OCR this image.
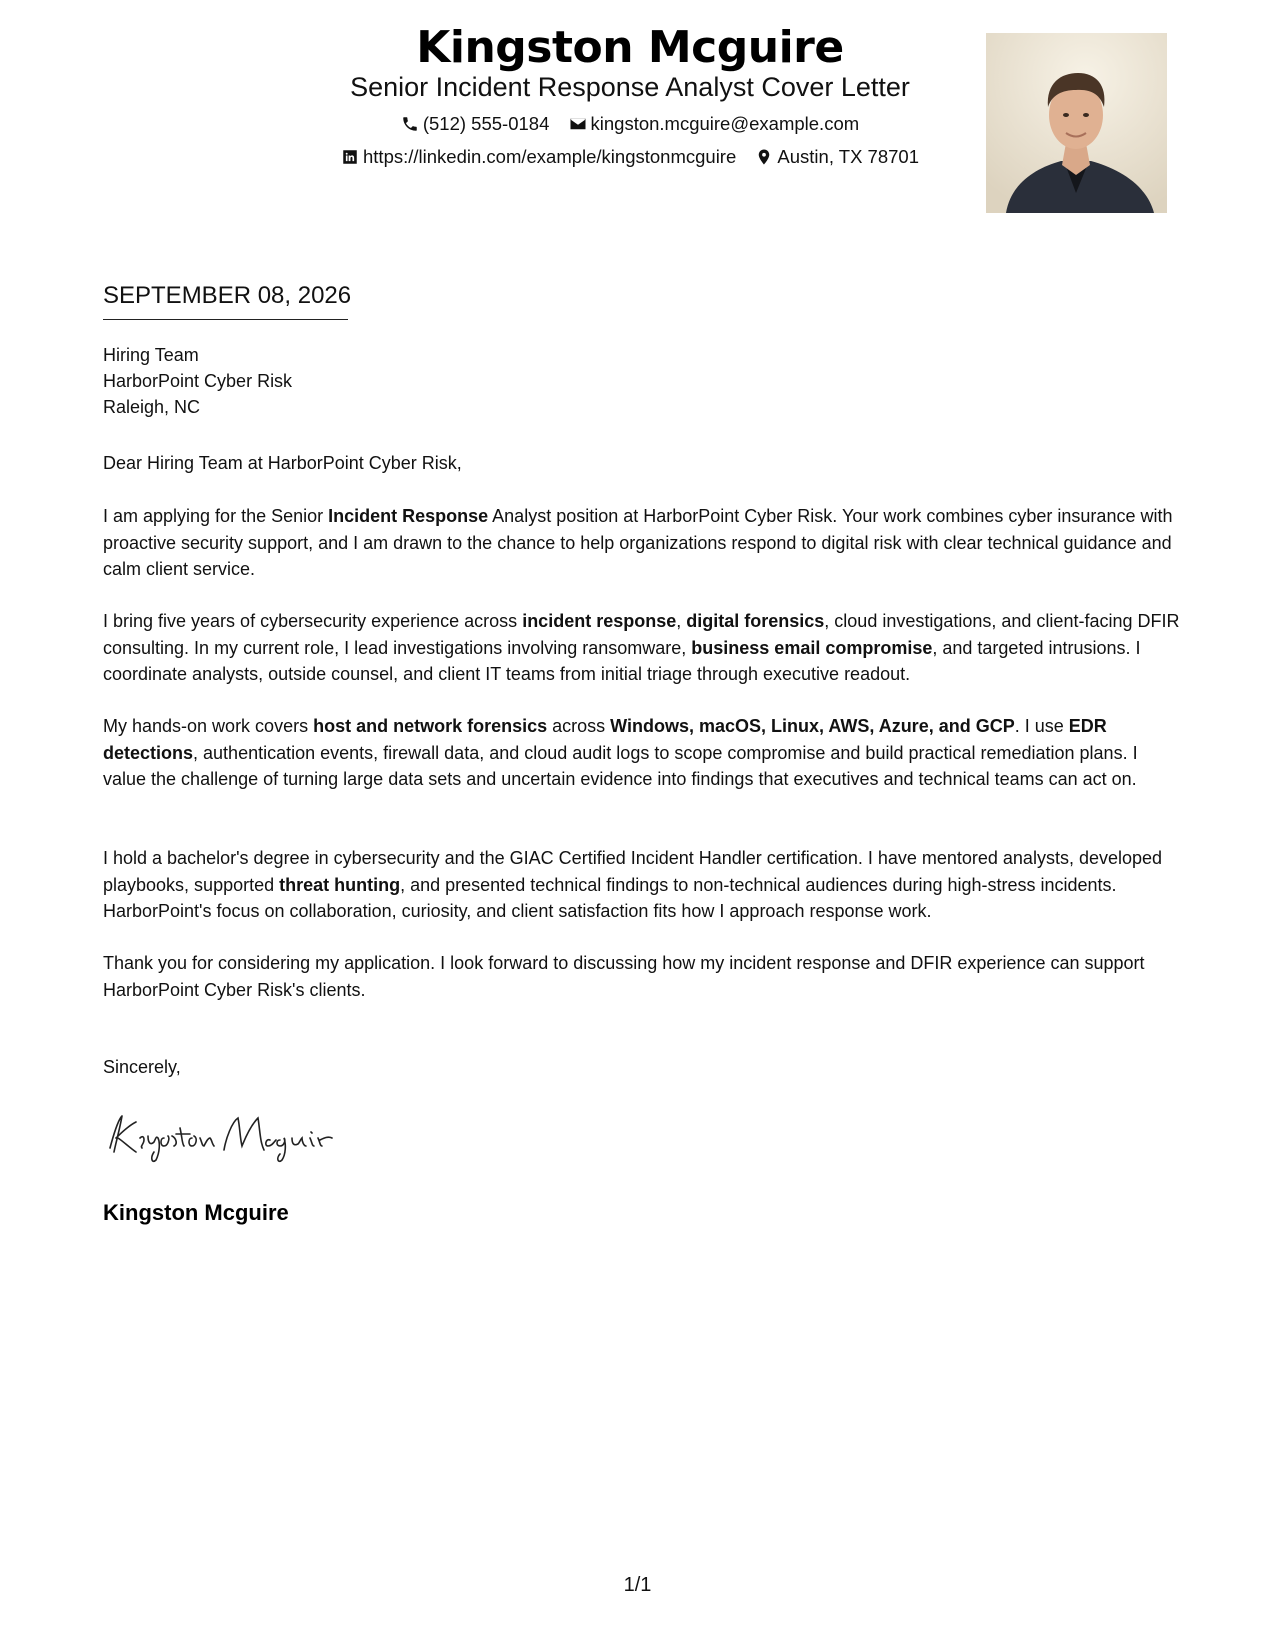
Kingston Mcguire
Senior Incident Response Analyst Cover Letter
(512) 555-0184
kingston.mcguire@example.com
https://linkedin.com/example/kingstonmcguire
Austin, TX 78701
SEPTEMBER 08, 2026
Hiring Team
HarborPoint Cyber Risk
Raleigh, NC
Dear Hiring Team at HarborPoint Cyber Risk,

I am applying for the Senior Incident Response Analyst position at HarborPoint Cyber Risk. Your work combines cyber insurance with proactive security support, and I am drawn to the chance to help organizations respond to digital risk with clear technical guidance and calm client service.

I bring five years of cybersecurity experience across incident response, digital forensics, cloud investigations, and client-facing DFIR consulting. In my current role, I lead investigations involving ransomware, business email compromise, and targeted intrusions. I coordinate analysts, outside counsel, and client IT teams from initial triage through executive readout.

My hands-on work covers host and network forensics across Windows, macOS, Linux, AWS, Azure, and GCP. I use EDR detections, authentication events, firewall data, and cloud audit logs to scope compromise and build practical remediation plans. I value the challenge of turning large data sets and uncertain evidence into findings that executives and technical teams can act on.

I hold a bachelor's degree in cybersecurity and the GIAC Certified Incident Handler certification. I have mentored analysts, developed playbooks, supported threat hunting, and presented technical findings to non-technical audiences during high-stress incidents. HarborPoint's focus on collaboration, curiosity, and client satisfaction fits how I approach response work.

Thank you for considering my application. I look forward to discussing how my incident response and DFIR experience can support HarborPoint Cyber Risk's clients.

Sincerely,
Kingston Mcguire
1/1
